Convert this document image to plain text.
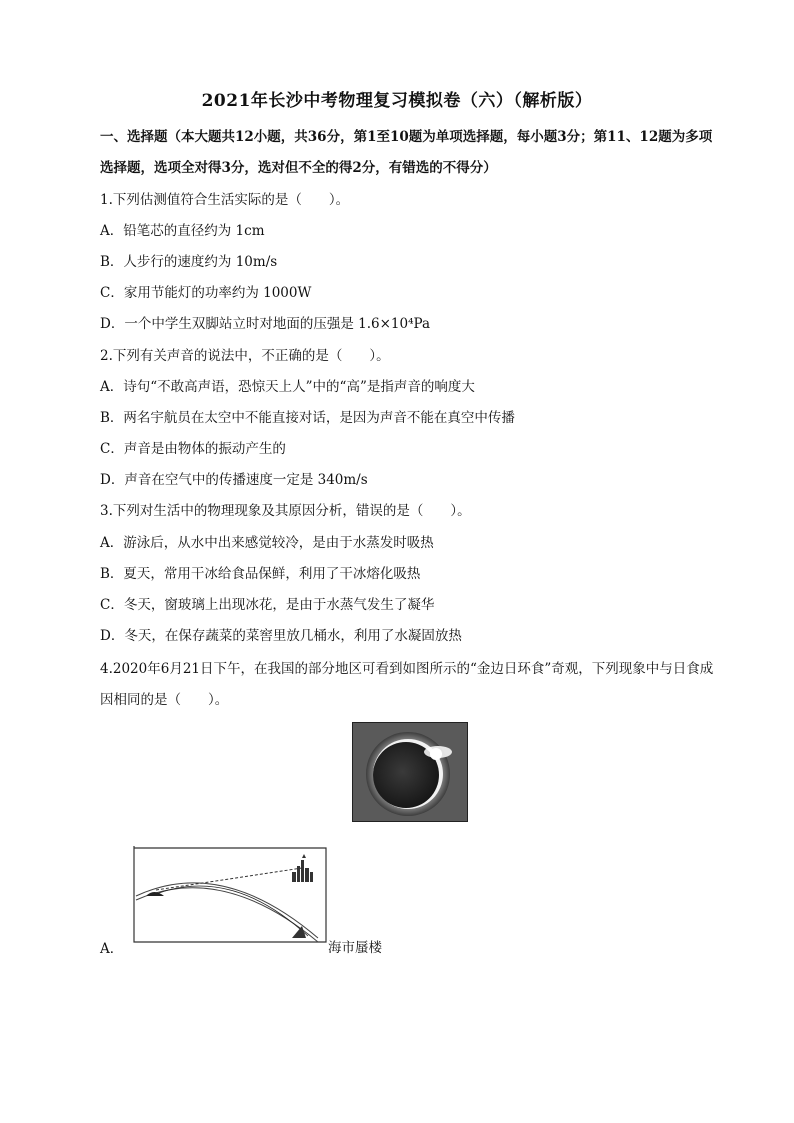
2021年长沙中考物理复习模拟卷（六）（解析版）
一、选择题（本大题共12小题，共36分，第1至10题为单项选择题，每小题3分；第11、12题为多项选择题，选项全对得3分，选对但不全的得2分，有错选的不得分）
1.下列估测值符合生活实际的是（　　）。
A．铅笔芯的直径约为 1cm
B．人步行的速度约为 10m/s
C．家用节能灯的功率约为 1000W
D．一个中学生双脚站立时对地面的压强是 1.6×10⁴Pa
2.下列有关声音的说法中，不正确的是（　　）。
A．诗句“不敢高声语，恐惊天上人”中的“高”是指声音的响度大
B．两名宇航员在太空中不能直接对话，是因为声音不能在真空中传播
C．声音是由物体的振动产生的
D．声音在空气中的传播速度一定是 340m/s
3.下列对生活中的物理现象及其原因分析，错误的是（　　）。
A．游泳后，从水中出来感觉较冷，是由于水蒸发时吸热
B．夏天，常用干冰给食品保鲜，利用了干冰熔化吸热
C．冬天，窗玻璃上出现冰花，是由于水蒸气发生了凝华
D．冬天，在保存蔬菜的菜窖里放几桶水，利用了水凝固放热
4.2020年6月21日下午，在我国的部分地区可看到如图所示的“金边日环食”奇观，下列现象中与日食成因相同的是（　　）。
A．	海市蜃楼
